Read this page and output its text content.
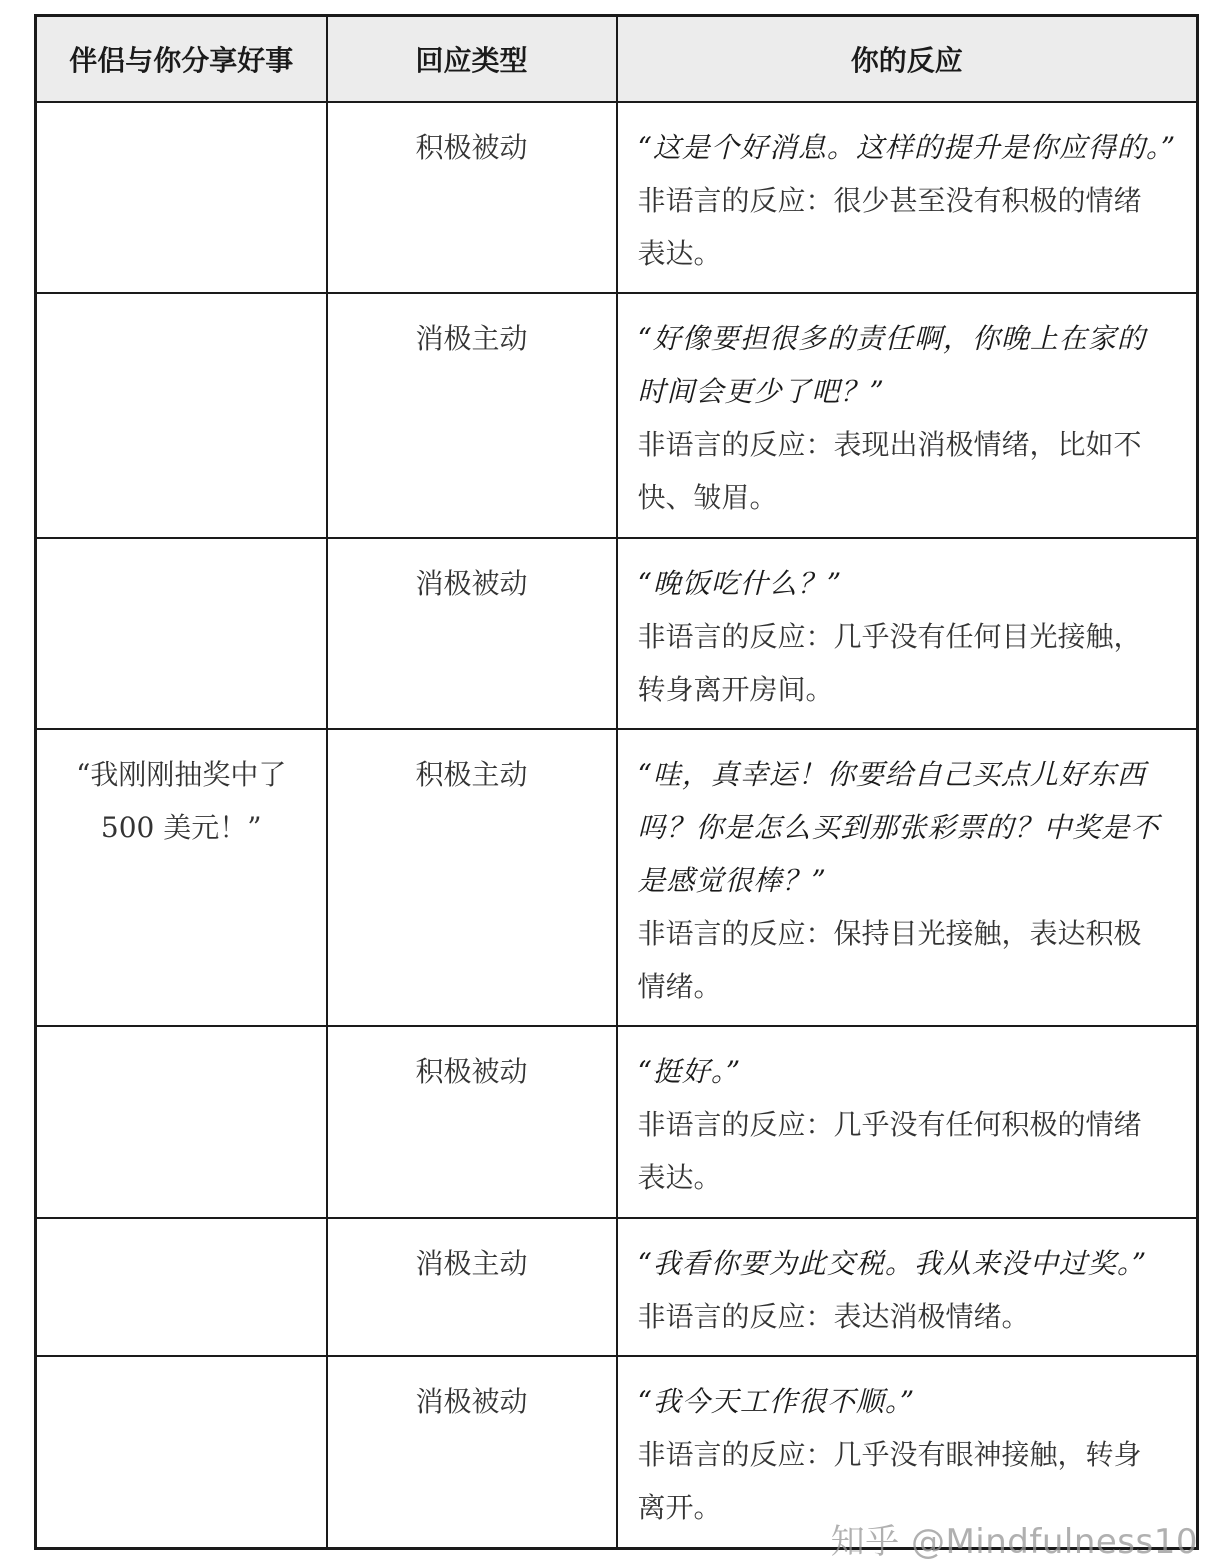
伴侣与你分享好事	回应类型	你的反应
	积极被动	“这是个好消息。这样的提升是你应得的。”
非语言的反应：很少甚至没有积极的情绪
表达。

	消极主动	“好像要担很多的责任啊，你晚上在家的
时间会更少了吧？”
非语言的反应：表现出消极情绪，比如不
快、皱眉。

	消极被动	“晚饭吃什么？”
非语言的反应：几乎没有任何目光接触，
转身离开房间。

“我刚刚抽奖中了
500 美元！”	积极主动	“哇，真幸运！你要给自己买点儿好东西
吗？你是怎么买到那张彩票的？中奖是不
是感觉很棒？”
非语言的反应：保持目光接触，表达积极
情绪。

	积极被动	“挺好。”
非语言的反应：几乎没有任何积极的情绪
表达。

	消极主动	“我看你要为此交税。我从来没中过奖。”
非语言的反应：表达消极情绪。

	消极被动	“我今天工作很不顺。”
非语言的反应：几乎没有眼神接触，转身
离开。
知乎 @Mindfulness10
